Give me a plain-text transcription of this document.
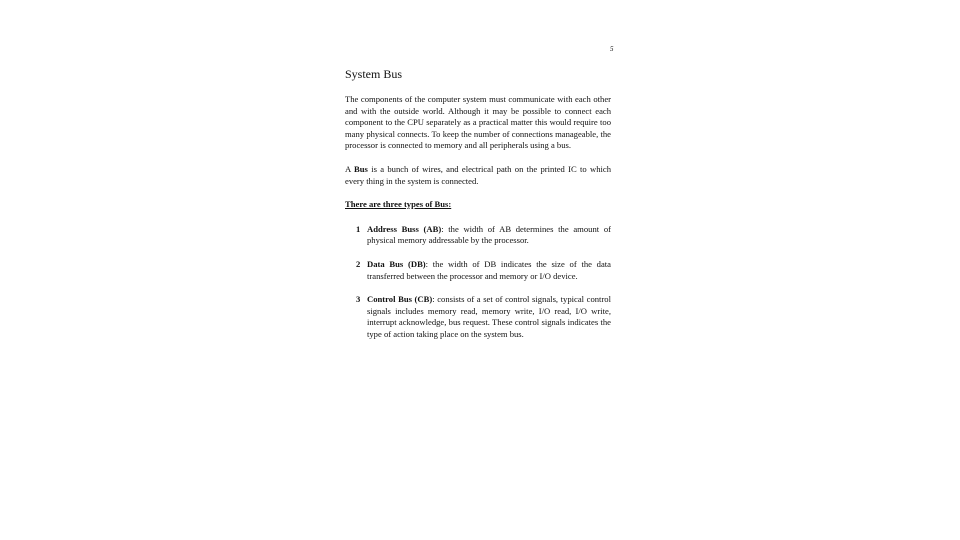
5
System Bus

The components of the computer system must communicate with each other and with the outside world. Although it may be possible to connect each component to the CPU separately as a practical matter this would require too many physical connects. To keep the number of connections manageable, the processor is connected to memory and all peripherals using a bus.

A Bus is a bunch of wires, and electrical path on the printed IC to which every thing in the system is connected.

There are three types of Bus:

1 Address Buss (AB): the width of AB determines the amount of physical memory addressable by the processor.
2 Data Bus (DB): the width of DB indicates the size of the data transferred between the processor and memory or I/O device.
3 Control Bus (CB): consists of a set of control signals, typical control signals includes memory read, memory write, I/O read, I/O write, interrupt acknowledge, bus request. These control signals indicates the type of action taking place on the system bus.
